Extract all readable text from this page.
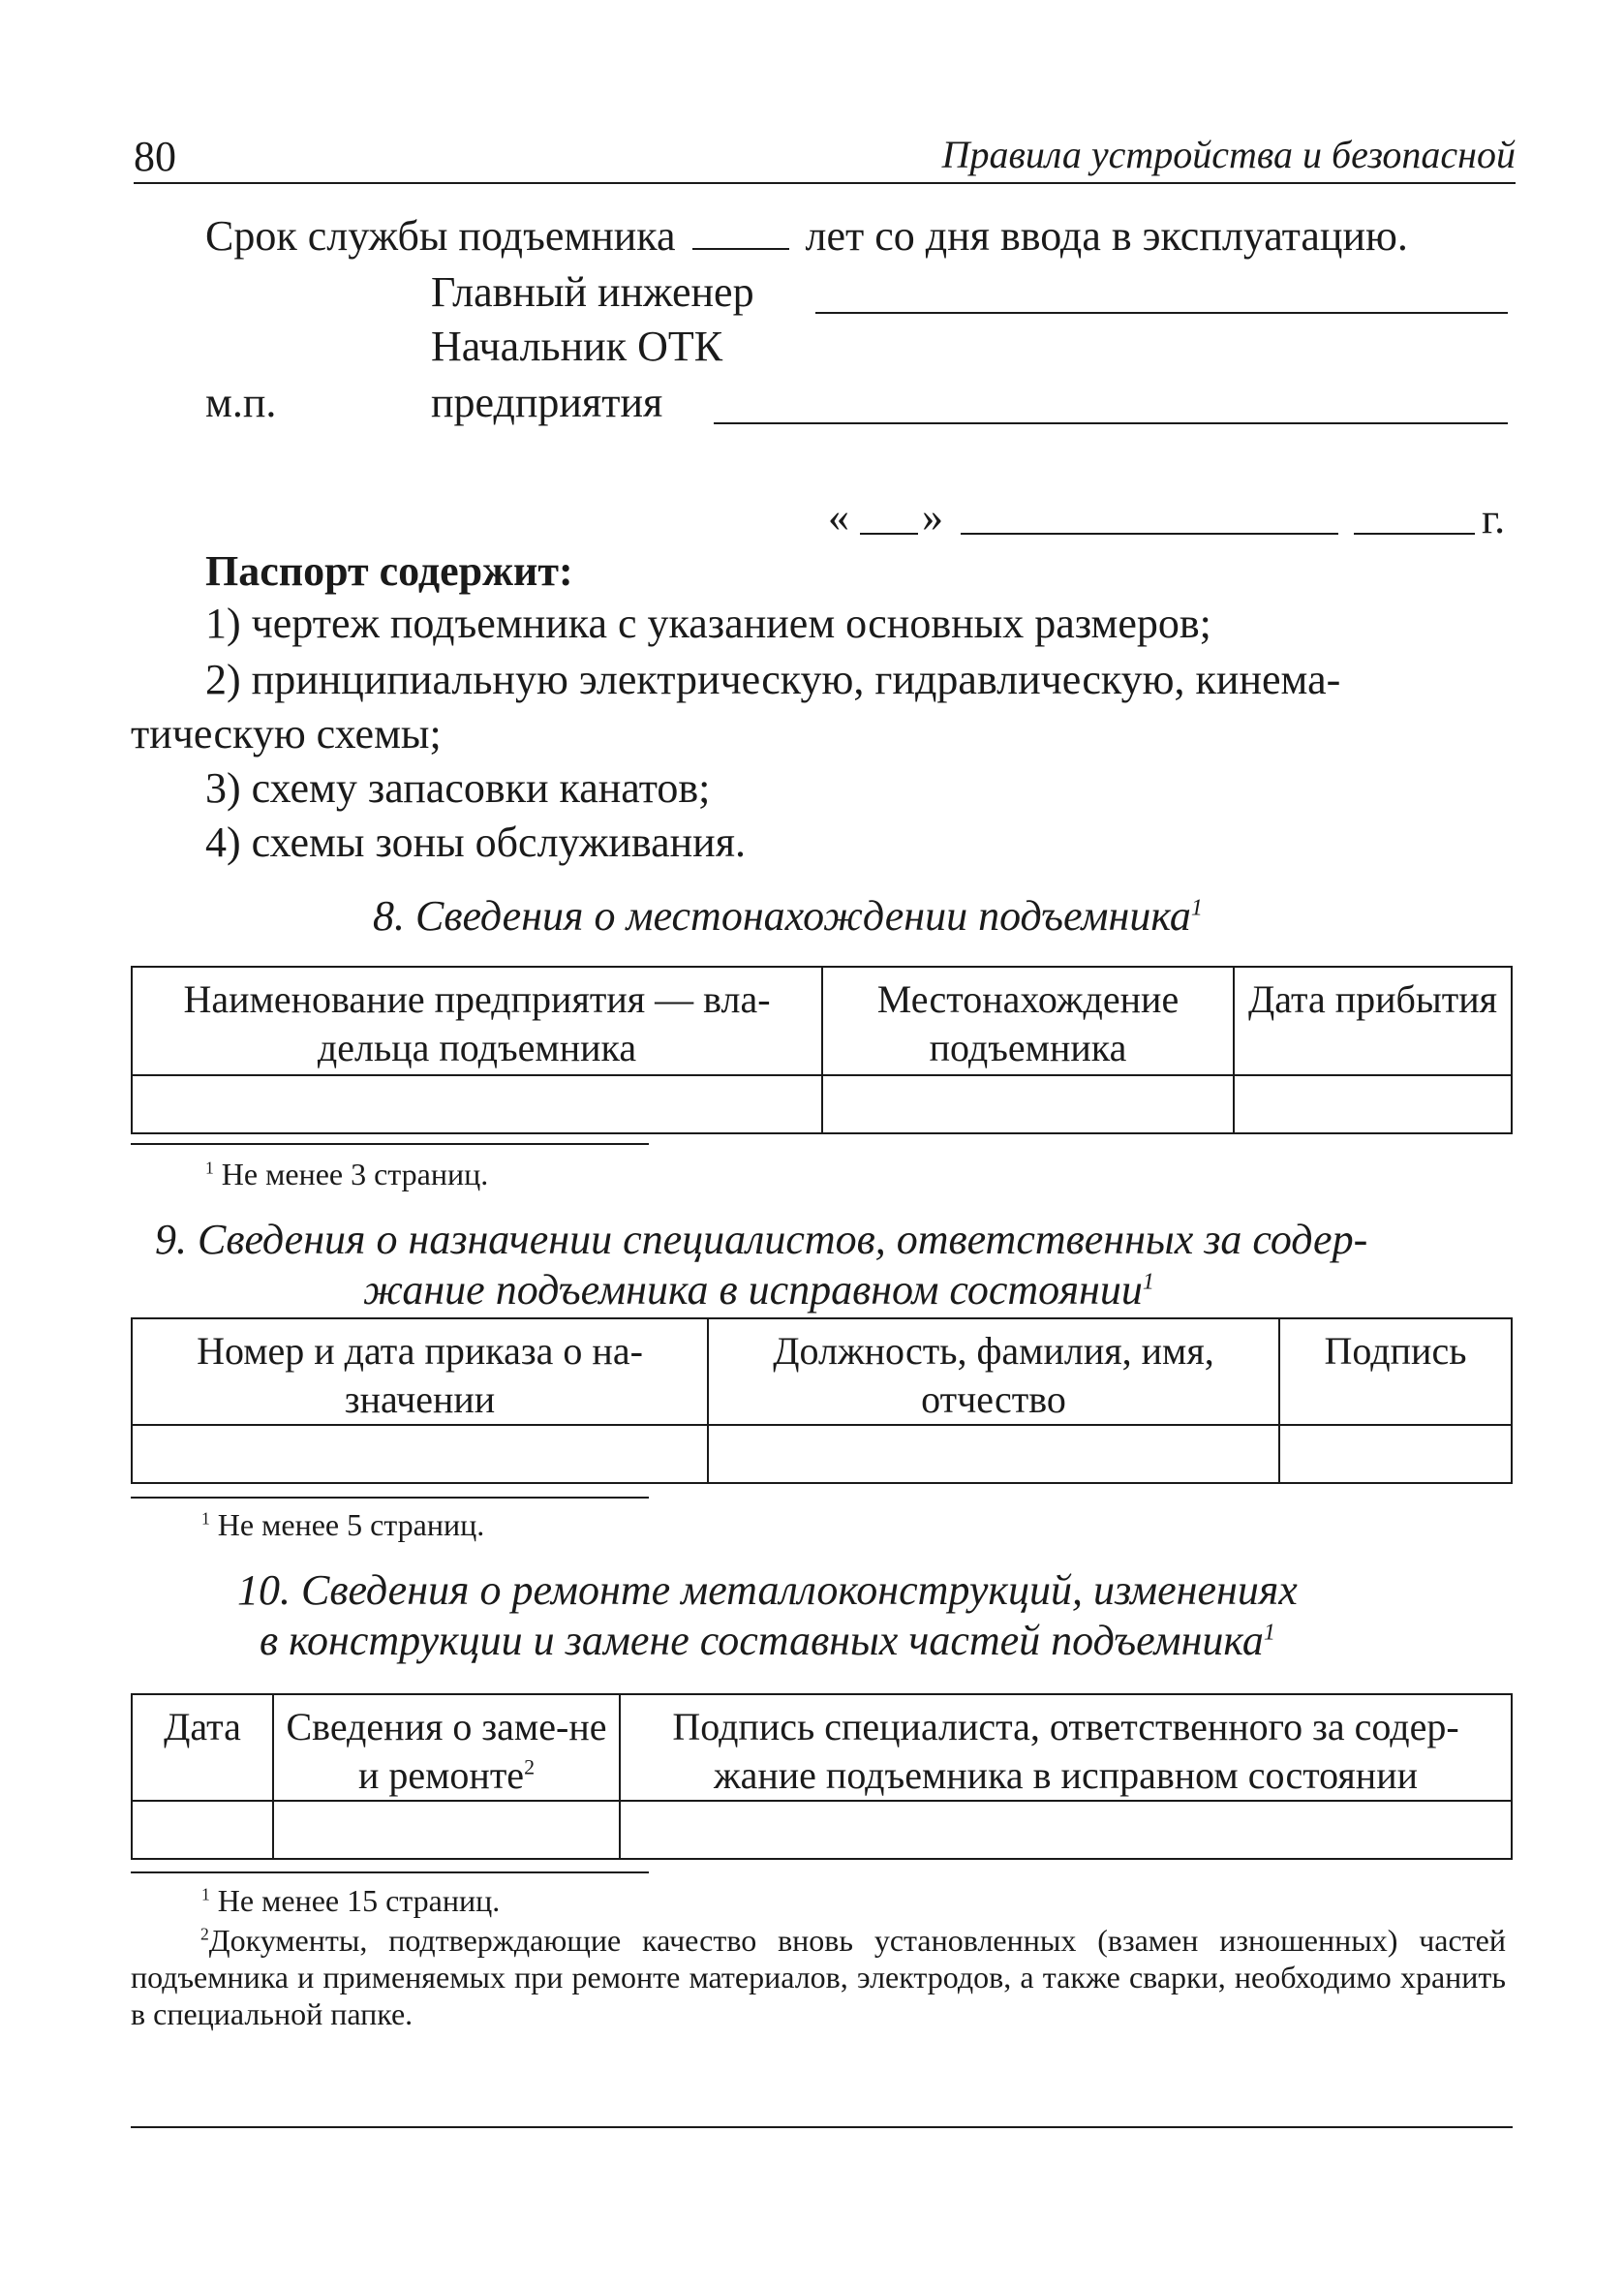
80	Правила устройства и безопасной
Срок службы подъемника	лет со дня ввода в эксплуатацию.
Главный инженер
Начальник ОТК
м.п.	предприятия
« »	г.
Паспорт содержит:
1) чертеж подъемника с указанием основных размеров;
2) принципиальную электрическую, гидравлическую, кинема-
тическую схемы;
3) схему запасовки канатов;
4) схемы зоны обслуживания.
8. Сведения о местонахождении подъемника$^1$
Наименование предприятия — вла-дельца подъемника	Местонахождение подъемника	Дата прибытия

$^1$ Не менее 3 страниц.
9. Сведения о назначении специалистов, ответственных за содер-
жание подъемника в исправном состоянии$^1$
Номер и дата приказа о на-значении	Должность, фамилия, имя, отчество	Подпись

$^1$ Не менее 5 страниц.
10. Сведения о ремонте металлоконструкций, изменениях
в конструкции и замене составных частей подъемника$^1$
Дата	Сведения о заме-не и ремонте$^2$	Подпись специалиста, ответственного за содер-жание подъемника в исправном состоянии

$^1$ Не менее 15 страниц.
$^2$Документы, подтверждающие качество вновь установленных (взамен изношенных) частей подъемника и применяемых при ремонте материалов, электродов, а также сварки, необходимо хранить в специальной папке.
